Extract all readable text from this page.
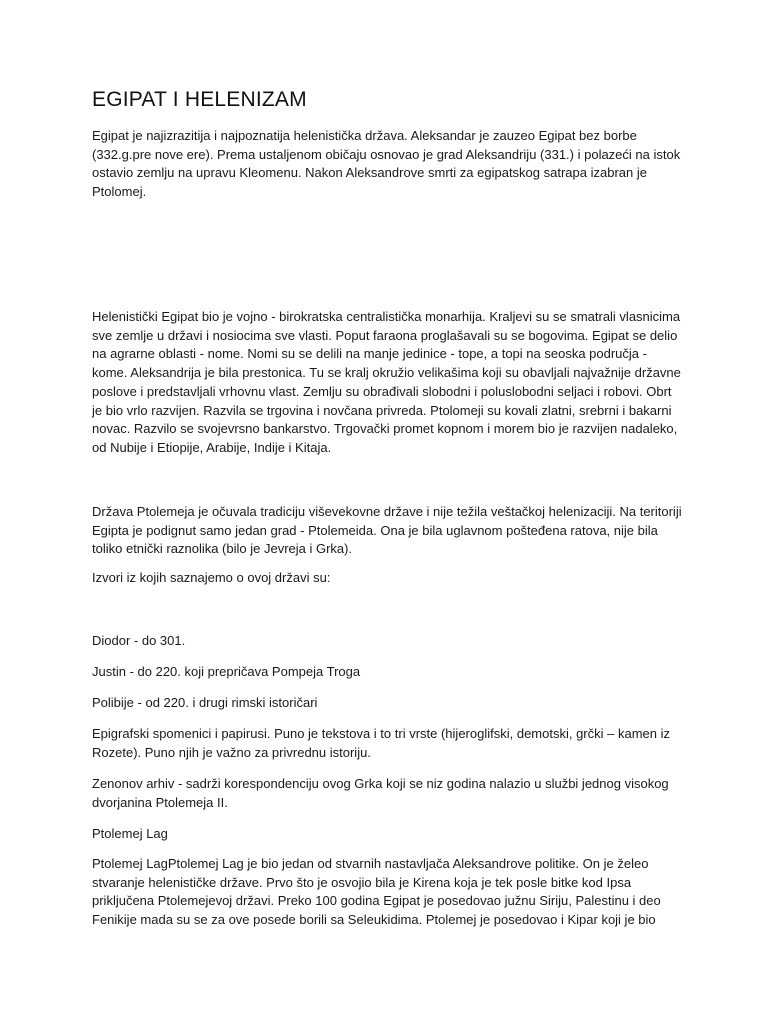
EGIPAT I HELENIZAM

Egipat je najizrazitija i najpoznatija helenistička država. Aleksandar je zauzeo Egipat bez borbe (332.g.pre nove ere). Prema ustaljenom običaju osnovao je grad Aleksandriju (331.) i polazeći na istok ostavio zemlju na upravu Kleomenu. Nakon Aleksandrove smrti za egipatskog satrapa izabran je Ptolomej.

Helenistički Egipat bio je vojno - birokratska centralistička monarhija. Kraljevi su se smatrali vlasnicima sve zemlje u državi i nosiocima sve vlasti. Poput faraona proglašavali su se bogovima. Egipat se delio na agrarne oblasti - nome. Nomi su se delili na manje jedinice - tope, a topi na seoska područja - kome. Aleksandrija je bila prestonica. Tu se kralj okružio velikašima koji su obavljali najvažnije državne poslove i predstavljali vrhovnu vlast. Zemlju su obrađivali slobodni i poluslobodni seljaci i robovi. Obrt je bio vrlo razvijen. Razvila se trgovina i novčana privreda. Ptolomeji su kovali zlatni, srebrni i bakarni novac. Razvilo se svojevrsno bankarstvo. Trgovački promet kopnom i morem bio je razvijen nadaleko, od Nubije i Etiopije, Arabije, Indije i Kitaja.

Država Ptolemeja je očuvala tradiciju viševekovne države i nije težila veštačkoj helenizaciji. Na teritoriji Egipta je podignut samo jedan grad - Ptolemeida. Ona je bila uglavnom pošteđena ratova, nije bila toliko etnički raznolika (bilo je Jevreja i Grka).

Izvori iz kojih saznajemo o ovoj državi su:

Diodor - do 301.

Justin - do 220. koji prepričava Pompeja Troga

Polibije - od 220. i drugi rimski istoričari

Epigrafski spomenici i papirusi. Puno je tekstova i to tri vrste (hijeroglifski, demotski, grčki – kamen iz Rozete). Puno njih je važno za privrednu istoriju.

Zenonov arhiv - sadrži korespondenciju ovog Grka koji se niz godina nalazio u službi jednog visokog dvorjanina Ptolemeja II.

Ptolemej Lag

Ptolemej LagPtolemej Lag je bio jedan od stvarnih nastavljača Aleksandrove politike. On je želeo stvaranje helenističke države. Prvo što je osvojio bila je Kirena koja je tek posle bitke kod Ipsa priključena Ptolemejevoj državi. Preko 100 godina Egipat je posedovao južnu Siriju, Palestinu i deo Fenikije mada su se za ove posede borili sa Seleukidima. Ptolemej je posedovao i Kipar koji je bio
